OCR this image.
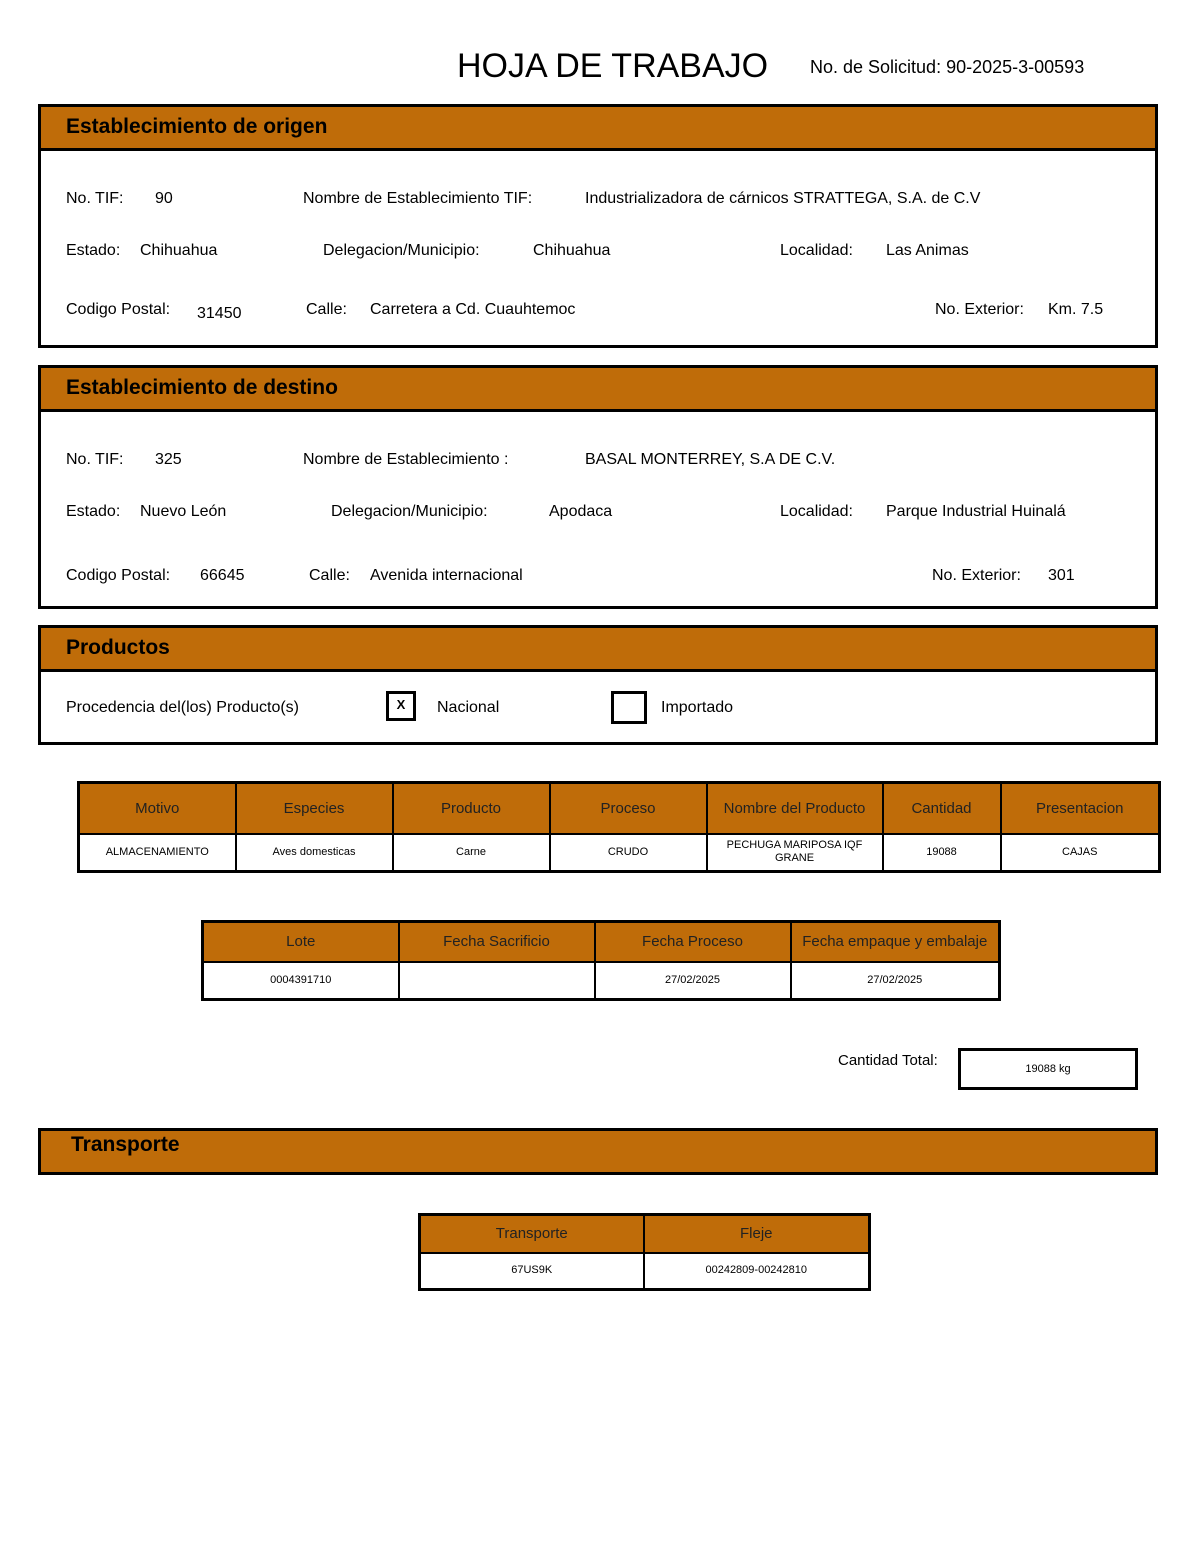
HOJA DE TRABAJO No. de Solicitud: 90-2025-3-00593
Establecimiento de origen
No. TIF: 90	Nombre de Establecimiento TIF:	Industrializadora de cárnicos STRATTEGA, S.A. de C.V
Estado: Chihuahua	Delegacion/Municipio:	Chihuahua	Localidad: Las Animas
Codigo Postal: 31450	Calle: Carretera a Cd. Cuauhtemoc	No. Exterior: Km. 7.5
Establecimiento de destino
No. TIF: 325	Nombre de Establecimiento :	BASAL MONTERREY, S.A DE C.V.
Estado: Nuevo León	Delegacion/Municipio:	Apodaca	Localidad: Parque Industrial Huinalá
Codigo Postal: 66645	Calle: Avenida internacional	No. Exterior: 301
Productos
Procedencia del(los) Producto(s)	X	Nacional	Importado
Motivo	Especies	Producto	Proceso	Nombre del Producto	Cantidad	Presentacion
ALMACENAMIENTO	Aves domesticas	Carne	CRUDO	PECHUGA MARIPOSA IQF GRANE	19088	CAJAS
Lote	Fecha Sacrificio	Fecha Proceso	Fecha empaque y embalaje
0004391710		27/02/2025	27/02/2025
Cantidad Total:	19088 kg
Transporte
Transporte	Fleje
67US9K	00242809-00242810
